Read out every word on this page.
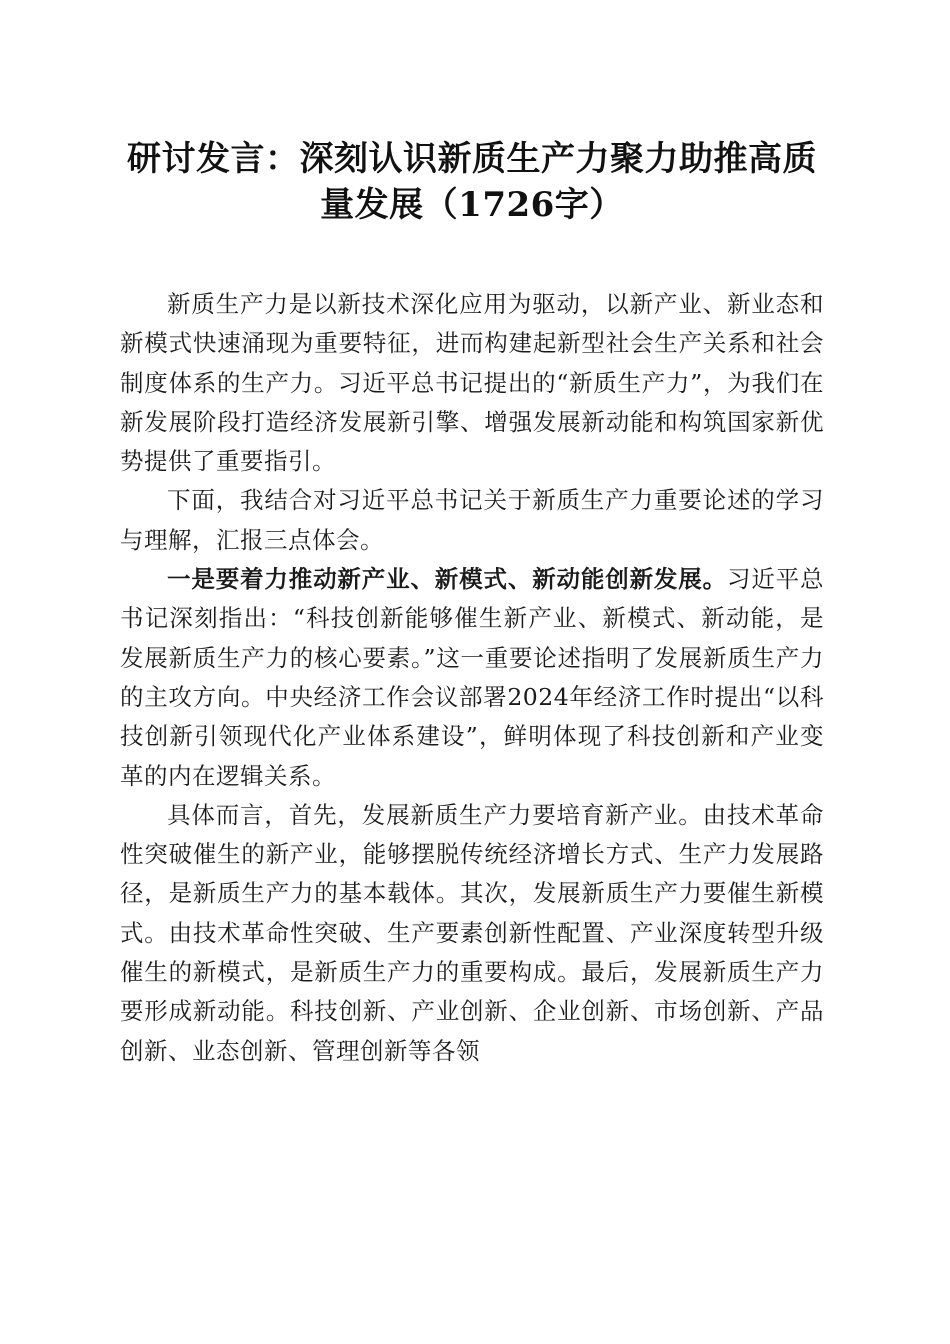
研讨发言：深刻认识新质生产力聚力助推高质量发展（1726字）

新质生产力是以新技术深化应用为驱动，以新产业、新业态和新模式快速涌现为重要特征，进而构建起新型社会生产关系和社会制度体系的生产力。习近平总书记提出的“新质生产力”，为我们在新发展阶段打造经济发展新引擎、增强发展新动能和构筑国家新优势提供了重要指引。

下面，我结合对习近平总书记关于新质生产力重要论述的学习与理解，汇报三点体会。

一是要着力推动新产业、新模式、新动能创新发展。习近平总书记深刻指出：“科技创新能够催生新产业、新模式、新动能，是发展新质生产力的核心要素。”这一重要论述指明了发展新质生产力的主攻方向。中央经济工作会议部署2024年经济工作时提出“以科技创新引领现代化产业体系建设”，鲜明体现了科技创新和产业变革的内在逻辑关系。

具体而言，首先，发展新质生产力要培育新产业。由技术革命性突破催生的新产业，能够摆脱传统经济增长方式、生产力发展路径，是新质生产力的基本载体。其次，发展新质生产力要催生新模式。由技术革命性突破、生产要素创新性配置、产业深度转型升级催生的新模式，是新质生产力的重要构成。最后，发展新质生产力要形成新动能。科技创新、产业创新、企业创新、市场创新、产品创新、业态创新、管理创新等各领
